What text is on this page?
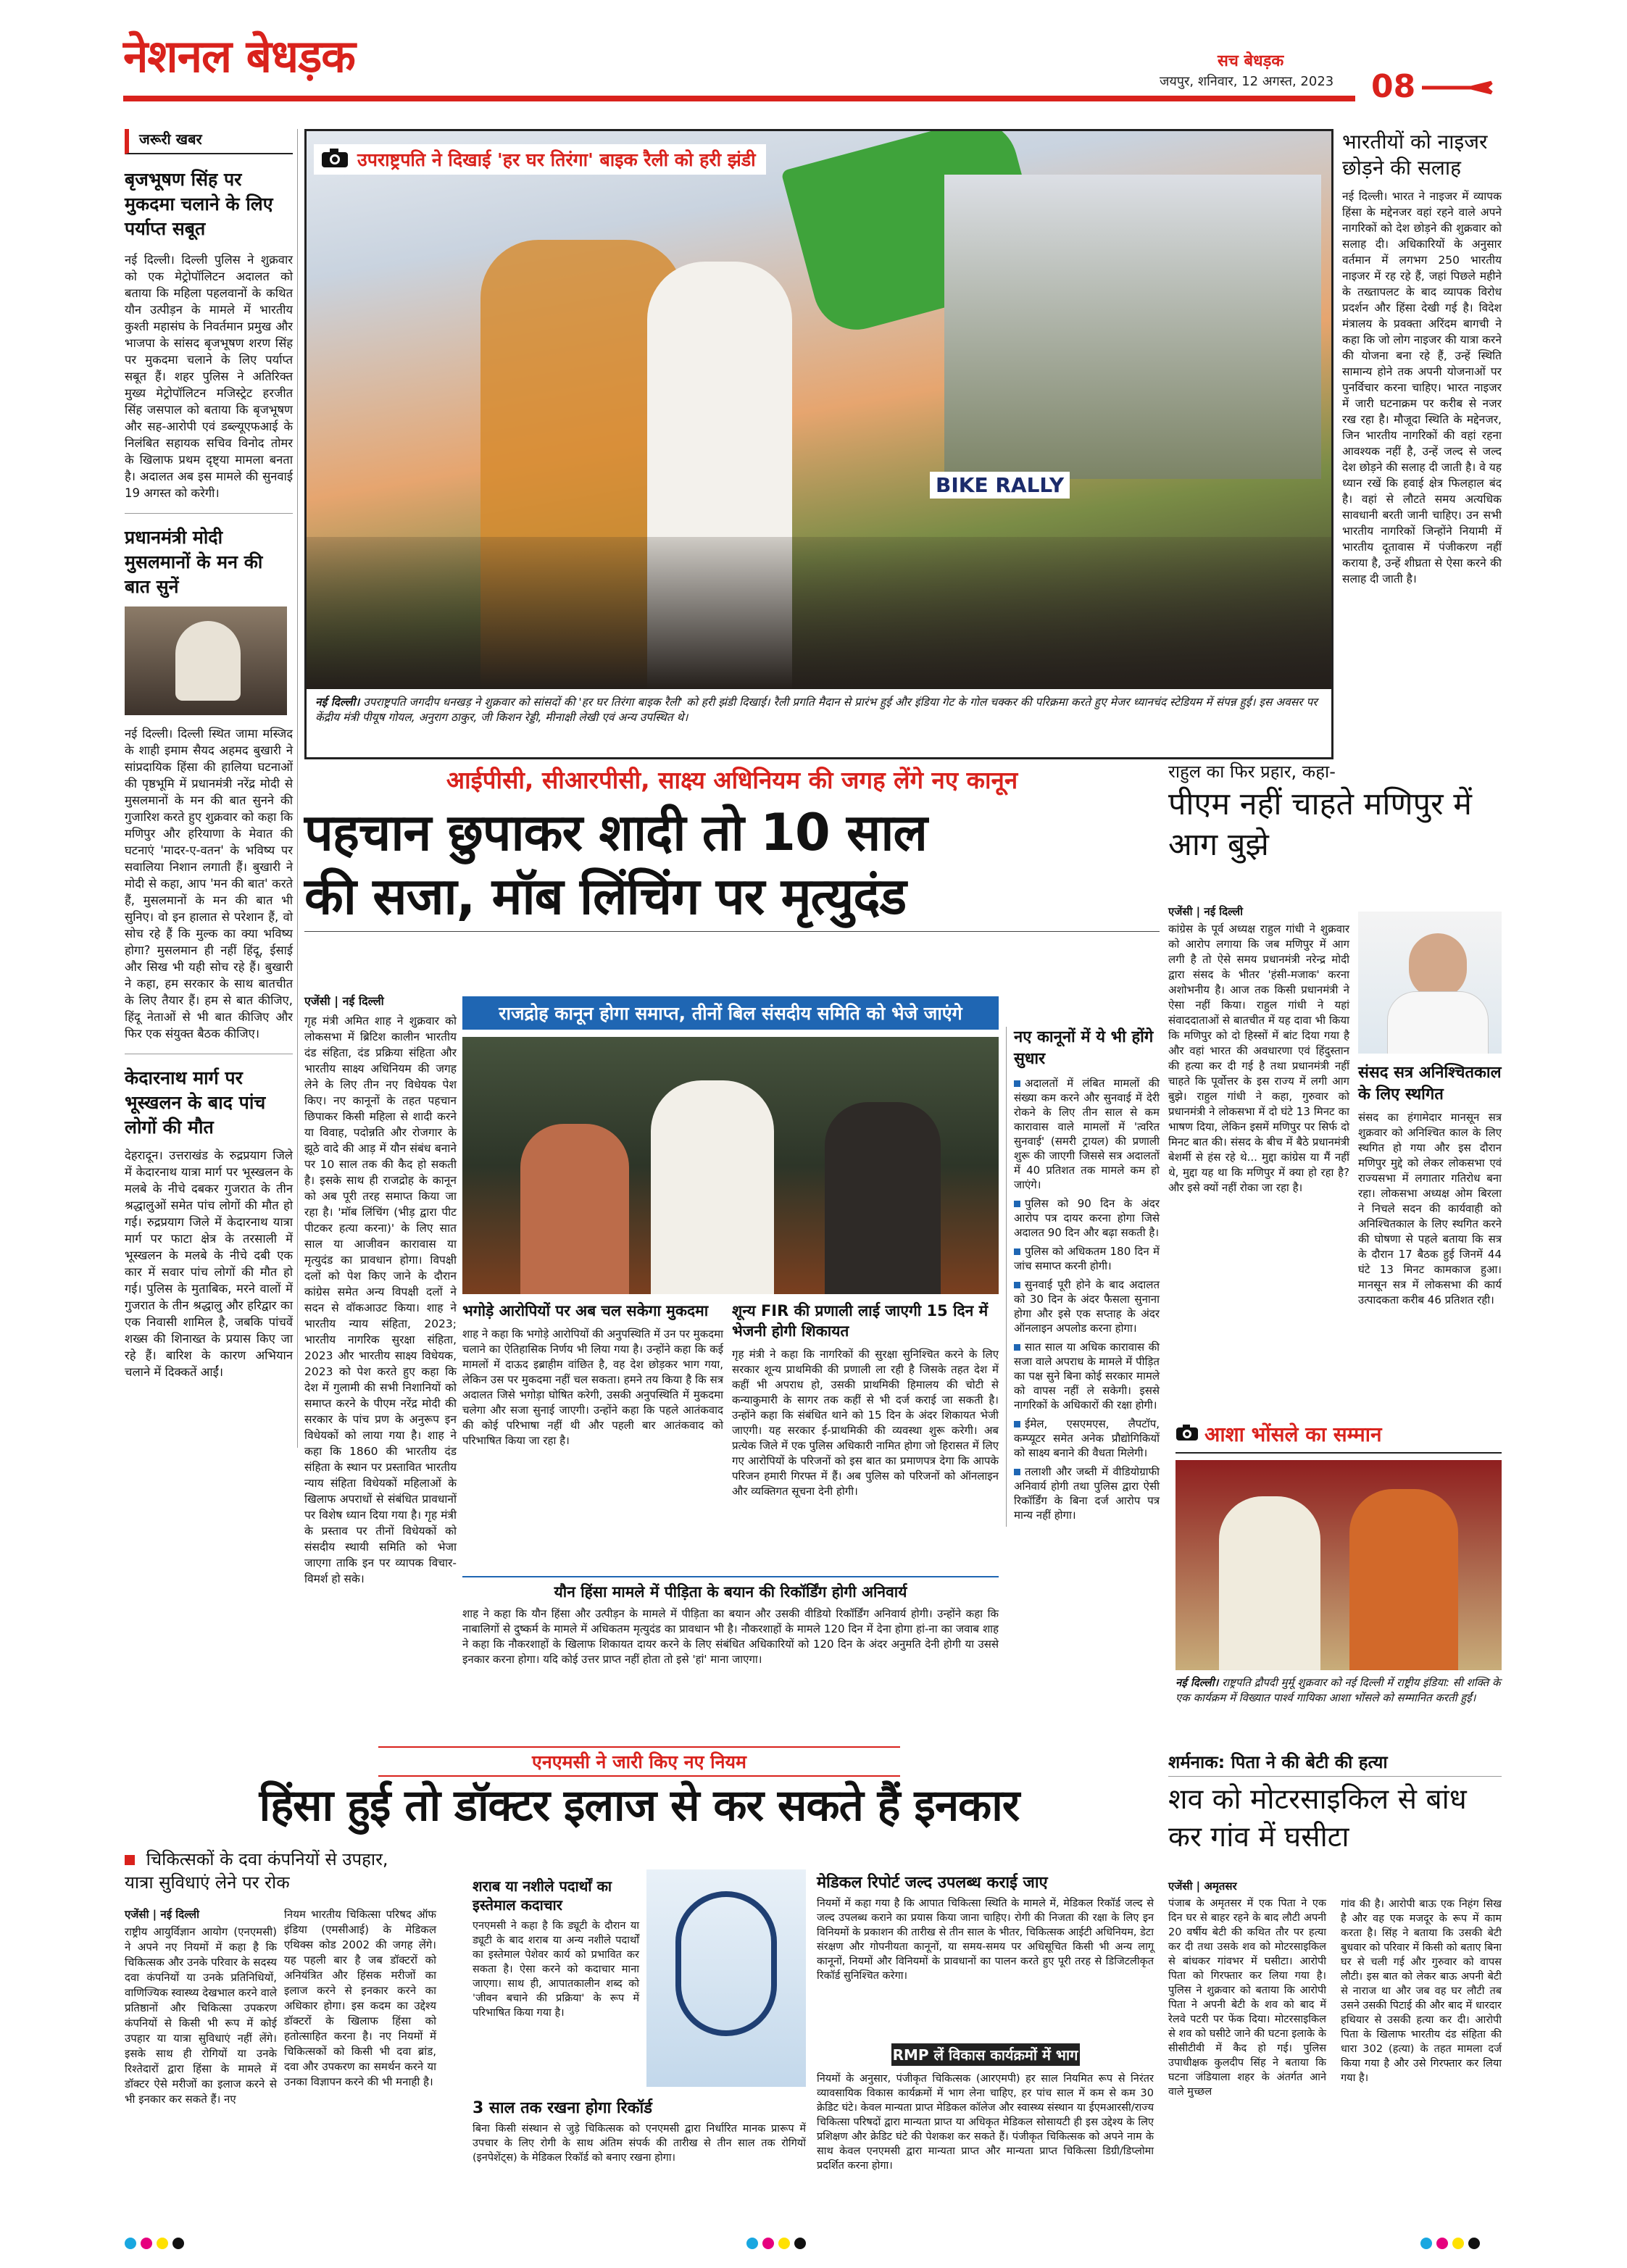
नेशनल बेधड़क	सच बेधड़क
जयपुर, शनिवार, 12 अगस्त, 2023 08
जरूरी खबर
बृजभूषण सिंह पर मुकदमा चलाने के लिए पर्याप्त सबूत
नई दिल्ली। दिल्ली पुलिस ने शुक्रवार को एक मेट्रोपॉलिटन अदालत को बताया कि महिला पहलवानों के कथित यौन उत्पीड़न के मामले में भारतीय कुश्ती महासंघ के निवर्तमान प्रमुख और भाजपा के सांसद बृजभूषण शरण सिंह पर मुकदमा चलाने के लिए पर्याप्त सबूत हैं। शहर पुलिस ने अतिरिक्त मुख्य मेट्रोपॉलिटन मजिस्ट्रेट हरजीत सिंह जसपाल को बताया कि बृजभूषण और सह-आरोपी एवं डब्ल्यूएफआई के निलंबित सहायक सचिव विनोद तोमर के खिलाफ प्रथम दृष्ट्या मामला बनता है। अदालत अब इस मामले की सुनवाई 19 अगस्त को करेगी।
प्रधानमंत्री मोदी मुसलमानों के मन की बात सुनें
नई दिल्ली। दिल्ली स्थित जामा मस्जिद के शाही इमाम सैयद अहमद बुखारी ने सांप्रदायिक हिंसा की हालिया घटनाओं की पृष्ठभूमि में प्रधानमंत्री नरेंद्र मोदी से मुसलमानों के मन की बात सुनने की गुजारिश करते हुए शुक्रवार को कहा कि मणिपुर और हरियाणा के मेवात की घटनाएं 'मादर-ए-वतन' के भविष्य पर सवालिया निशान लगाती हैं। बुखारी ने मोदी से कहा, आप 'मन की बात' करते हैं, मुसलमानों के मन की बात भी सुनिए। वो इन हालात से परेशान हैं, वो सोच रहे हैं कि मुल्क का क्या भविष्य होगा? मुसलमान ही नहीं हिंदू, ईसाई और सिख भी यही सोच रहे हैं। बुखारी ने कहा, हम सरकार के साथ बातचीत के लिए तैयार हैं। हम से बात कीजिए, हिंदू नेताओं से भी बात कीजिए और फिर एक संयुक्त बैठक कीजिए।
केदारनाथ मार्ग पर भूस्खलन के बाद पांच लोगों की मौत
देहरादून। उत्तराखंड के रुद्रप्रयाग जिले में केदारनाथ यात्रा मार्ग पर भूस्खलन के मलबे के नीचे दबकर गुजरात के तीन श्रद्धालुओं समेत पांच लोगों की मौत हो गई। रुद्रप्रयाग जिले में केदारनाथ यात्रा मार्ग पर फाटा क्षेत्र के तरसाली में भूस्खलन के मलबे के नीचे दबी एक कार में सवार पांच लोगों की मौत हो गई। पुलिस के मुताबिक, मरने वालों में गुजरात के तीन श्रद्धालु और हरिद्वार का एक निवासी शामिल है, जबकि पांचवें शख्स की शिनाख्त के प्रयास किए जा रहे हैं। बारिश के कारण अभियान चलाने में दिक्कतें आईं।
BIKE RALLY
उपराष्ट्रपति ने दिखाई 'हर घर तिरंगा' बाइक रैली को हरी झंडी
नई दिल्ली। उपराष्ट्रपति जगदीप धनखड़ ने शुक्रवार को सांसदों की 'हर घर तिरंगा बाइक रैली' को हरी झंडी दिखाई। रैली प्रगति मैदान से प्रारंभ हुई और इंडिया गेट के गोल चक्कर की परिक्रमा करते हुए मेजर ध्यानचंद स्टेडियम में संपन्न हुई। इस अवसर पर केंद्रीय मंत्री पीयूष गोयल, अनुराग ठाकुर, जी किशन रेड्डी, मीनाक्षी लेखी एवं अन्य उपस्थित थे।
भारतीयों को नाइजर छोड़ने की सलाह
नई दिल्ली। भारत ने नाइजर में व्यापक हिंसा के मद्देनजर वहां रहने वाले अपने नागरिकों को देश छोड़ने की शुक्रवार को सलाह दी। अधिकारियों के अनुसार वर्तमान में लगभग 250 भारतीय नाइजर में रह रहे हैं, जहां पिछले महीने के तख्तापलट के बाद व्यापक विरोध प्रदर्शन और हिंसा देखी गई है। विदेश मंत्रालय के प्रवक्ता अरिंदम बागची ने कहा कि जो लोग नाइजर की यात्रा करने की योजना बना रहे हैं, उन्हें स्थिति सामान्य होने तक अपनी योजनाओं पर पुनर्विचार करना चाहिए। भारत नाइजर में जारी घटनाक्रम पर करीब से नजर रख रहा है। मौजूदा स्थिति के मद्देनजर, जिन भारतीय नागरिकों की वहां रहना आवश्यक नहीं है, उन्हें जल्द से जल्द देश छोड़ने की सलाह दी जाती है। वे यह ध्यान रखें कि हवाई क्षेत्र फिलहाल बंद है। वहां से लौटते समय अत्यधिक सावधानी बरती जानी चाहिए। उन सभी भारतीय नागरिकों जिन्होंने नियामी में भारतीय दूतावास में पंजीकरण नहीं कराया है, उन्हें शीघ्रता से ऐसा करने की सलाह दी जाती है।
आईपीसी, सीआरपीसी, साक्ष्य अधिनियम की जगह लेंगे नए कानून
पहचान छुपाकर शादी तो 10 साल
की सजा, मॉब लिंचिंग पर मृत्युदंड
एजेंसी | नई दिल्ली
गृह मंत्री अमित शाह ने शुक्रवार को लोकसभा में ब्रिटिश कालीन भारतीय दंड संहिता, दंड प्रक्रिया संहिता और भारतीय साक्ष्य अधिनियम की जगह लेने के लिए तीन नए विधेयक पेश किए। नए कानूनों के तहत पहचान छिपाकर किसी महिला से शादी करने या विवाह, पदोन्नति और रोजगार के झूठे वादे की आड़ में यौन संबंध बनाने पर 10 साल तक की कैद हो सकती है। इसके साथ ही राजद्रोह के कानून को अब पूरी तरह समाप्त किया जा रहा है। 'मॉब लिंचिंग (भीड़ द्वारा पीट पीटकर हत्या करना)' के लिए सात साल या आजीवन कारावास या मृत्युदंड का प्रावधान होगा। विपक्षी दलों को पेश किए जाने के दौरान कांग्रेस समेत अन्य विपक्षी दलों ने सदन से वॉकआउट किया। शाह ने भारतीय न्याय संहिता, 2023; भारतीय नागरिक सुरक्षा संहिता, 2023 और भारतीय साक्ष्य विधेयक, 2023 को पेश करते हुए कहा कि देश में गुलामी की सभी निशानियों को समाप्त करने के पीएम नरेंद्र मोदी की सरकार के पांच प्रण के अनुरूप इन विधेयकों को लाया गया है। शाह ने कहा कि 1860 की भारतीय दंड संहिता के स्थान पर प्रस्तावित भारतीय न्याय संहिता विधेयकों महिलाओं के खिलाफ अपराधों से संबंधित प्रावधानों पर विशेष ध्यान दिया गया है। गृह मंत्री के प्रस्ताव पर तीनों विधेयकों को संसदीय स्थायी समिति को भेजा जाएगा ताकि इन पर व्यापक विचार-विमर्श हो सके।
राजद्रोह कानून होगा समाप्त, तीनों बिल संसदीय समिति को भेजे जाएंगे
भगोड़े आरोपियों पर अब चल सकेगा मुकदमा
शाह ने कहा कि भगोड़े आरोपियों की अनुपस्थिति में उन पर मुकदमा चलाने का ऐतिहासिक निर्णय भी लिया गया है। उन्होंने कहा कि कई मामलों में दाऊद इब्राहीम वांछित है, वह देश छोड़कर भाग गया, लेकिन उस पर मुकदमा नहीं चल सकता। हमने तय किया है कि सत्र अदालत जिसे भगोड़ा घोषित करेगी, उसकी अनुपस्थिति में मुकदमा चलेगा और सजा सुनाई जाएगी। उन्होंने कहा कि पहले आतंकवाद की कोई परिभाषा नहीं थी और पहली बार आतंकवाद को परिभाषित किया जा रहा है।
शून्य FIR की प्रणाली लाई जाएगी 15 दिन में भेजनी होगी शिकायत
गृह मंत्री ने कहा कि नागरिकों की सुरक्षा सुनिश्चित करने के लिए सरकार शून्य प्राथमिकी की प्रणाली ला रही है जिसके तहत देश में कहीं भी अपराध हो, उसकी प्राथमिकी हिमालय की चोटी से कन्याकुमारी के सागर तक कहीं से भी दर्ज कराई जा सकती है। उन्होंने कहा कि संबंधित थाने को 15 दिन के अंदर शिकायत भेजी जाएगी। यह सरकार ई-प्राथमिकी की व्यवस्था शुरू करेगी। अब प्रत्येक जिले में एक पुलिस अधिकारी नामित होगा जो हिरासत में लिए गए आरोपियों के परिजनों को इस बात का प्रमाणपत्र देगा कि आपके परिजन हमारी गिरफ्त में हैं। अब पुलिस को परिजनों को ऑनलाइन और व्यक्तिगत सूचना देनी होगी।
यौन हिंसा मामले में पीड़िता के बयान की रिकॉर्डिंग होगी अनिवार्य
शाह ने कहा कि यौन हिंसा और उत्पीड़न के मामले में पीड़िता का बयान और उसकी वीडियो रिकॉर्डिंग अनिवार्य होगी। उन्होंने कहा कि नाबालिगों से दुष्कर्म के मामले में अधिकतम मृत्युदंड का प्रावधान भी है। नौकरशाहों के मामले 120 दिन में देना होगा हां-ना का जवाब शाह ने कहा कि नौकरशाहों के खिलाफ शिकायत दायर करने के लिए संबंधित अधिकारियों को 120 दिन के अंदर अनुमति देनी होगी या उससे इनकार करना होगा। यदि कोई उत्तर प्राप्त नहीं होता तो इसे 'हां' माना जाएगा।
नए कानूनों में ये भी होंगे सुधार
अदालतों में लंबित मामलों की संख्या कम करने और सुनवाई में देरी रोकने के लिए तीन साल से कम कारावास वाले मामलों में 'त्वरित सुनवाई' (समरी ट्रायल) की प्रणाली शुरू की जाएगी जिससे सत्र अदालतों में 40 प्रतिशत तक मामले कम हो जाएंगे।
पुलिस को 90 दिन के अंदर आरोप पत्र दायर करना होगा जिसे अदालत 90 दिन और बढ़ा सकती है।
पुलिस को अधिकतम 180 दिन में जांच समाप्त करनी होगी।
सुनवाई पूरी होने के बाद अदालत को 30 दिन के अंदर फैसला सुनाना होगा और इसे एक सप्ताह के अंदर ऑनलाइन अपलोड करना होगा।
सात साल या अधिक कारावास की सजा वाले अपराध के मामले में पीड़ित का पक्ष सुने बिना कोई सरकार मामले को वापस नहीं ले सकेगी। इससे नागरिकों के अधिकारों की रक्षा होगी।
ईमेल, एसएमएस, लैपटॉप, कम्प्यूटर समेत अनेक प्रौद्योगिकियों को साक्ष्य बनाने की वैधता मिलेगी।
तलाशी और जब्ती में वीडियोग्राफी अनिवार्य होगी तथा पुलिस द्वारा ऐसी रिकॉर्डिंग के बिना दर्ज आरोप पत्र मान्य नहीं होगा।
राहुल का फिर प्रहार, कहा-
पीएम नहीं चाहते मणिपुर में आग बुझे
एजेंसी | नई दिल्ली
कांग्रेस के पूर्व अध्यक्ष राहुल गांधी ने शुक्रवार को आरोप लगाया कि जब मणिपुर में आग लगी है तो ऐसे समय प्रधानमंत्री नरेन्द्र मोदी द्वारा संसद के भीतर 'हंसी-मजाक' करना अशोभनीय है। आज तक किसी प्रधानमंत्री ने ऐसा नहीं किया। राहुल गांधी ने यहां संवाददाताओं से बातचीत में यह दावा भी किया कि मणिपुर को दो हिस्सों में बांट दिया गया है और वहां भारत की अवधारणा एवं हिंदुस्तान की हत्या कर दी गई है तथा प्रधानमंत्री नहीं चाहते कि पूर्वोत्तर के इस राज्य में लगी आग बुझे। राहुल गांधी ने कहा, गुरुवार को प्रधानमंत्री ने लोकसभा में दो घंटे 13 मिनट का भाषण दिया, लेकिन इसमें मणिपुर पर सिर्फ दो मिनट बात की। संसद के बीच में बैठे प्रधानमंत्री बेशर्मी से हंस रहे थे... मुद्दा कांग्रेस या मैं नहीं थे, मुद्दा यह था कि मणिपुर में क्या हो रहा है? और इसे क्यों नहीं रोका जा रहा है।
संसद सत्र अनिश्चितकाल के लिए स्थगित
संसद का हंगामेदार मानसून सत्र शुक्रवार को अनिश्चित काल के लिए स्थगित हो गया और इस दौरान मणिपुर मुद्दे को लेकर लोकसभा एवं राज्यसभा में लगातार गतिरोध बना रहा। लोकसभा अध्यक्ष ओम बिरला ने निचले सदन की कार्यवाही को अनिश्चितकाल के लिए स्थगित करने की घोषणा से पहले बताया कि सत्र के दौरान 17 बैठक हुई जिनमें 44 घंटे 13 मिनट कामकाज हुआ। मानसून सत्र में लोकसभा की कार्य उत्पादकता करीब 46 प्रतिशत रही।
आशा भोंसले का सम्मान
नई दिल्ली। राष्ट्रपति द्रौपदी मुर्मू शुक्रवार को नई दिल्ली में राष्ट्रीय इंडिया: सी शक्ति के एक कार्यक्रम में विख्यात पार्श्व गायिका आशा भोंसले को सम्मानित करती हुईं।
एनएमसी ने जारी किए नए नियम
हिंसा हुई तो डॉक्टर इलाज से कर सकते हैं इनकार
चिकित्सकों के दवा कंपनियों से उपहार, यात्रा सुविधाएं लेने पर रोक
एजेंसी | नई दिल्ली
राष्ट्रीय आयुर्विज्ञान आयोग (एनएमसी) ने अपने नए नियमों में कहा है कि चिकित्सक और उनके परिवार के सदस्य दवा कंपनियों या उनके प्रतिनिधियों, वाणिज्यिक स्वास्थ्य देखभाल करने वाले प्रतिष्ठानों और चिकित्सा उपकरण कंपनियों से किसी भी रूप में कोई उपहार या यात्रा सुविधाएं नहीं लेंगे। इसके साथ ही रोगियों या उनके रिश्तेदारों द्वारा हिंसा के मामले में डॉक्टर ऐसे मरीजों का इलाज करने से भी इनकार कर सकते हैं। नए
नियम भारतीय चिकित्सा परिषद ऑफ इंडिया (एमसीआई) के मेडिकल एथिक्स कोड 2002 की जगह लेंगे। यह पहली बार है जब डॉक्टरों को अनियंत्रित और हिंसक मरीजों का इलाज करने से इनकार करने का अधिकार होगा। इस कदम का उद्देश्य डॉक्टरों के खिलाफ हिंसा को हतोत्साहित करना है। नए नियमों में चिकित्सकों को किसी भी दवा ब्रांड, दवा और उपकरण का समर्थन करने या उनका विज्ञापन करने की भी मनाही है।
शराब या नशीले पदार्थों का इस्तेमाल कदाचार
एनएमसी ने कहा है कि ड्यूटी के दौरान या ड्यूटी के बाद शराब या अन्य नशीले पदार्थों का इस्तेमाल पेशेवर कार्य को प्रभावित कर सकता है। ऐसा करने को कदाचार माना जाएगा। साथ ही, आपातकालीन शब्द को 'जीवन बचाने की प्रक्रिया' के रूप में परिभाषित किया गया है।
3 साल तक रखना होगा रिकॉर्ड
बिना किसी संस्थान से जुड़े चिकित्सक को एनएमसी द्वारा निर्धारित मानक प्रारूप में उपचार के लिए रोगी के साथ अंतिम संपर्क की तारीख से तीन साल तक रोगियों (इनपेशेंट्स) के मेडिकल रिकॉर्ड को बनाए रखना होगा।
मेडिकल रिपोर्ट जल्द उपलब्ध कराई जाए
नियमों में कहा गया है कि आपात चिकित्सा स्थिति के मामले में, मेडिकल रिकॉर्ड जल्द से जल्द उपलब्ध कराने का प्रयास किया जाना चाहिए। रोगी की निजता की रक्षा के लिए इन विनियमों के प्रकाशन की तारीख से तीन साल के भीतर, चिकित्सक आईटी अधिनियम, डेटा संरक्षण और गोपनीयता कानूनों, या समय-समय पर अधिसूचित किसी भी अन्य लागू कानूनों, नियमों और विनियमों के प्रावधानों का पालन करते हुए पूरी तरह से डिजिटलीकृत रिकॉर्ड सुनिश्चित करेगा।
RMP लें विकास कार्यक्रमों में भाग
नियमों के अनुसार, पंजीकृत चिकित्सक (आरएमपी) हर साल नियमित रूप से निरंतर व्यावसायिक विकास कार्यक्रमों में भाग लेना चाहिए, हर पांच साल में कम से कम 30 क्रेडिट घंटे। केवल मान्यता प्राप्त मेडिकल कॉलेज और स्वास्थ्य संस्थान या ईएमआरसी/राज्य चिकित्सा परिषदों द्वारा मान्यता प्राप्त या अधिकृत मेडिकल सोसायटी ही इस उद्देश्य के लिए प्रशिक्षण और क्रेडिट घंटे की पेशकश कर सकते हैं। पंजीकृत चिकित्सक को अपने नाम के साथ केवल एनएमसी द्वारा मान्यता प्राप्त और मान्यता प्राप्त चिकित्सा डिग्री/डिप्लोमा प्रदर्शित करना होगा।
शर्मनाक: पिता ने की बेटी की हत्या
शव को मोटरसाइकिल से बांध कर गांव में घसीटा
एजेंसी | अमृतसर
पंजाब के अमृतसर में एक पिता ने एक दिन घर से बाहर रहने के बाद लौटी अपनी 20 वर्षीय बेटी की कथित तौर पर हत्या कर दी तथा उसके शव को मोटरसाइकिल से बांधकर गांवभर में घसीटा। आरोपी पिता को गिरफ्तार कर लिया गया है। पुलिस ने शुक्रवार को बताया कि आरोपी पिता ने अपनी बेटी के शव को बाद में रेलवे पटरी पर फेंक दिया। मोटरसाइकिल से शव को घसीटे जाने की घटना इलाके के सीसीटीवी में कैद हो गई। पुलिस उपाधीक्षक कुलदीप सिंह ने बताया कि घटना जंडियाला शहर के अंतर्गत आने वाले मुच्छल
गांव की है। आरोपी बाऊ एक निहंग सिख है और वह एक मजदूर के रूप में काम करता है। सिंह ने बताया कि उसकी बेटी बुधवार को परिवार में किसी को बताए बिना घर से चली गई और गुरुवार को वापस लौटी। इस बात को लेकर बाऊ अपनी बेटी से नाराज था और जब वह घर लौटी तब उसने उसकी पिटाई की और बाद में धारदार हथियार से उसकी हत्या कर दी। आरोपी पिता के खिलाफ भारतीय दंड संहिता की धारा 302 (हत्या) के तहत मामला दर्ज किया गया है और उसे गिरफ्तार कर लिया गया है।
